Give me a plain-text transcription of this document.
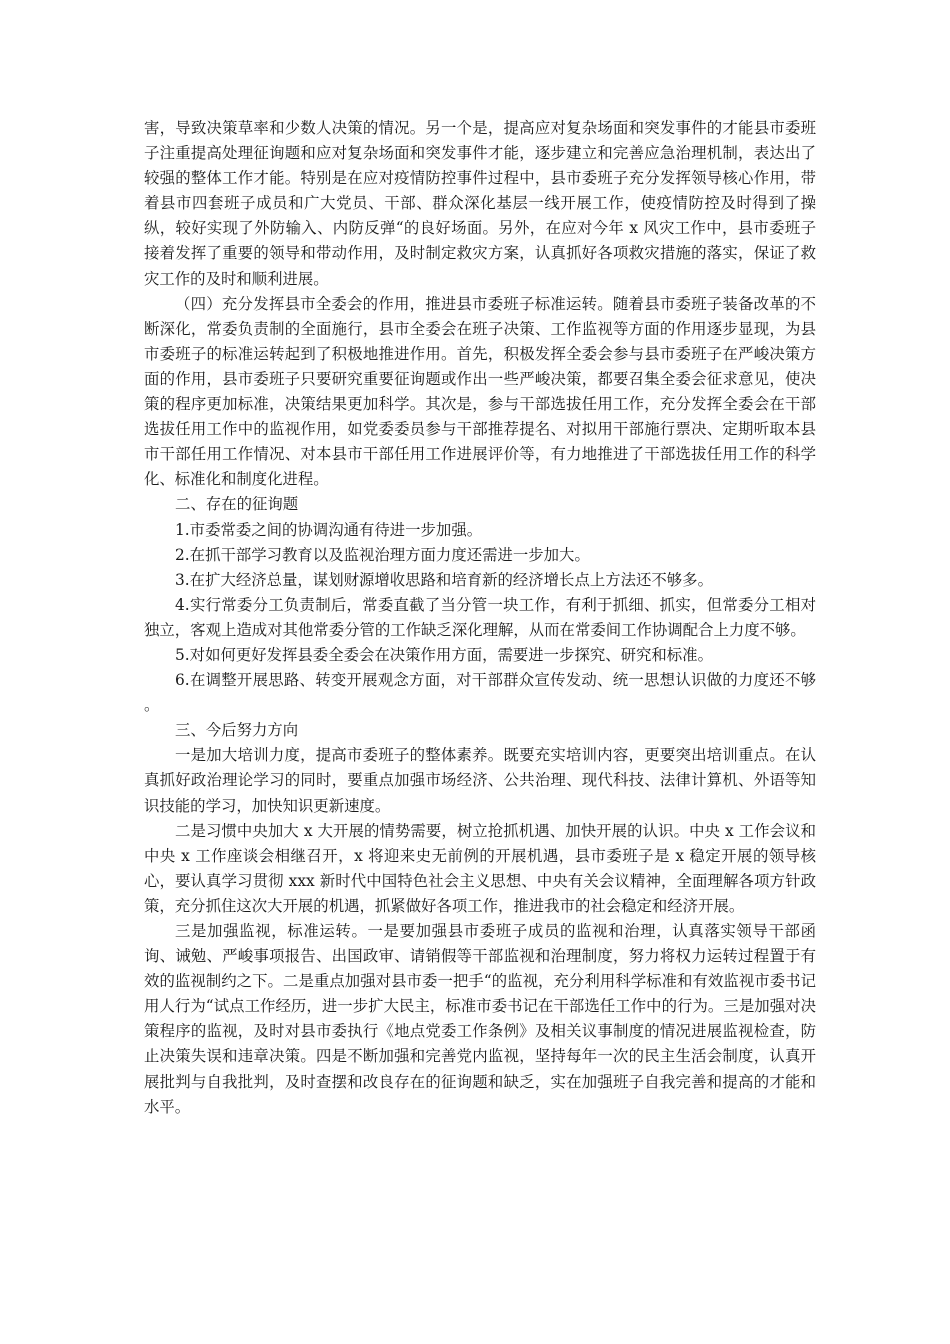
害，导致决策草率和少数人决策的情况。另一个是，提高应对复杂场面和突发事件的才能县市委班子注重提高处理征询题和应对复杂场面和突发事件才能，逐步建立和完善应急治理机制，表达出了较强的整体工作才能。特别是在应对疫情防控事件过程中，县市委班子充分发挥领导核心作用，带着县市四套班子成员和广大党员、干部、群众深化基层一线开展工作，使疫情防控及时得到了操纵，较好实现了外防输入、内防反弹“的良好场面。另外，在应对今年 x 风灾工作中，县市委班子接着发挥了重要的领导和带动作用，及时制定救灾方案，认真抓好各项救灾措施的落实，保证了救灾工作的及时和顺利进展。

（四）充分发挥县市全委会的作用，推进县市委班子标准运转。随着县市委班子装备改革的不断深化，常委负责制的全面施行，县市全委会在班子决策、工作监视等方面的作用逐步显现，为县市委班子的标准运转起到了积极地推进作用。首先，积极发挥全委会参与县市委班子在严峻决策方面的作用，县市委班子只要研究重要征询题或作出一些严峻决策，都要召集全委会征求意见，使决策的程序更加标准，决策结果更加科学。其次是，参与干部选拔任用工作，充分发挥全委会在干部选拔任用工作中的监视作用，如党委委员参与干部推荐提名、对拟用干部施行票决、定期听取本县市干部任用工作情况、对本县市干部任用工作进展评价等，有力地推进了干部选拔任用工作的科学化、标准化和制度化进程。

二、存在的征询题

1.市委常委之间的协调沟通有待进一步加强。

2.在抓干部学习教育以及监视治理方面力度还需进一步加大。

3.在扩大经济总量，谋划财源增收思路和培育新的经济增长点上方法还不够多。

4.实行常委分工负责制后，常委直截了当分管一块工作，有利于抓细、抓实，但常委分工相对独立，客观上造成对其他常委分管的工作缺乏深化理解，从而在常委间工作协调配合上力度不够。

5.对如何更好发挥县委全委会在决策作用方面，需要进一步探究、研究和标准。

6.在调整开展思路、转变开展观念方面，对干部群众宣传发动、统一思想认识做的力度还不够 。

三、今后努力方向

一是加大培训力度，提高市委班子的整体素养。既要充实培训内容，更要突出培训重点。在认真抓好政治理论学习的同时，要重点加强市场经济、公共治理、现代科技、法律计算机、外语等知识技能的学习，加快知识更新速度。

二是习惯中央加大 x 大开展的情势需要，树立抢抓机遇、加快开展的认识。中央 x 工作会议和中央 x 工作座谈会相继召开，x 将迎来史无前例的开展机遇，县市委班子是 x 稳定开展的领导核心，要认真学习贯彻 xxx 新时代中国特色社会主义思想、中央有关会议精神，全面理解各项方针政策，充分抓住这次大开展的机遇，抓紧做好各项工作，推进我市的社会稳定和经济开展。

三是加强监视，标准运转。一是要加强县市委班子成员的监视和治理，认真落实领导干部函询、诫勉、严峻事项报告、出国政审、请销假等干部监视和治理制度，努力将权力运转过程置于有效的监视制约之下。二是重点加强对县市委一把手“的监视，充分利用科学标准和有效监视市委书记用人行为“试点工作经历，进一步扩大民主，标准市委书记在干部选任工作中的行为。三是加强对决策程序的监视，及时对县市委执行《地点党委工作条例》及相关议事制度的情况进展监视检查，防止决策失误和违章决策。四是不断加强和完善党内监视，坚持每年一次的民主生活会制度，认真开展批判与自我批判，及时查摆和改良存在的征询题和缺乏，实在加强班子自我完善和提高的才能和水平。
